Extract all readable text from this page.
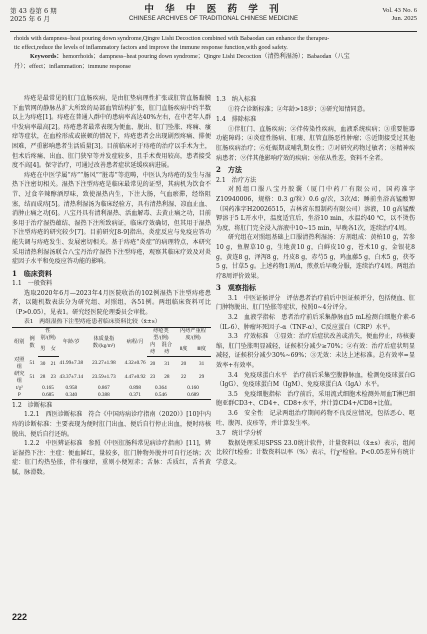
第 43 卷第 6 期
2025 年 6 月
中 华 中 医 药 学 刊
CHINESE ARCHIVES OF TRADITIONAL CHINESE MEDICINE
Vol. 43 No. 6
Jun. 2025

rhoids with dampness–heat pouring down syndrome,Qingre Lishi Decoction combined with Babaodan can enhance the therapeu-

tic effect,reduce the levels of inflammatory factors and improve the immune response function,with good safety.

Keywords：hemorrhoids；dampness–heat pouring down syndrome；Qingre Lishi Decoction（清热利湿汤）；Babaodan（八宝

丹）；effect；inflammation；immune response

痔疮是最常见的肛门直肠疾病，是由肛垫病理性扩张或肛管直肠黏膜下血管网的静脉丛扩大所致的局部血管结构扩张，肛门直肠疾病中约半数以上为痔疮[1]。痔疮在普通人群中的患病率高达40%左右，在中老年人群中发病率最高[2]。痔疮患者最常表现为便血、脱出、肛门坠胀、疼痛、瘙痒等症状，在血栓形成或嵌顿的情况下，痔疮患者会出现剧烈疼痛、排便困难，严重影响患者生活质量[3]。目前临床对于痔疮的治疗以手术为主，但术后疼痛、出血、肛门狭窄等并发症较多，且手术费用较高，患者接受度不高[4]。保守治疗，可通过改善患者症状延缓疾病进展。

痔疮在中医学属“痔”“肠风”“脏毒”等范畴，中医认为痔疮的发生与湿热下注密切相关。湿热下注型痔疮是临床最常见的证型，其病机为饮食不节、过食辛辣醇酒厚味，致使湿热内生，下注大肠，气血瘀滞，经络阻塞，结而成痔[5]。清热利湿汤为临床经验方，具有清热利湿、凉血止血、消肿止痛之功[6]。八宝丹具有清利湿热、活血解毒、去黄止痛之功，目前多用于治疗湿热蕴结、湿热下注所致病证，临床疗效确切，但其用于湿热下注型痔疮的研究较少[7]。目前研究[8-9]指出，炎症反应与免疫应答功能失调与痔疮发生、发展密切相关。基于痔疮“炎症”的病理特点，本研究采用清热利湿汤联合八宝丹治疗湿热下注型痔疮，观察其临床疗效及对炎症因子水平和免疫应答功能的影响。

1　临床资料

1.1　一般资料

选取2020年6月—2023年4月医院收治的102例湿热下注型痔疮患者，以随机数表法分为研究组、对照组，各51例。两组临床资料可比（P>0.05），见表1。研究经医院伦理委员会审批。

表1　两组湿热下注型痔疮患者临床资料比较（x̄±s）

组别	例数	性别/(例)		年龄/岁	体质量指数/(kg/m²)	病程/月	痔疮类型/(例)		内痔严重程度/(例)	
		男	女				内痔	混合痔	Ⅱ度	Ⅲ度
对照组	51	30	21	41.99±7.38	23.27±1.98	4.32±0.76	20	31	20	31
研究组	51	28	23	43.37±7.14	23.59±1.73	4.47±0.92	23	28	22	29
t/χ²		0.165		0.958	0.867	0.898	0.364		0.160	
P		0.685		0.340	0.388	0.371	0.546		0.689	

1.2　诊断标准

1.2.1　西医诊断标准　符合《中国痔病诊疗指南（2020）》[10]中内痔的诊断标准：主要表现为便时肛门出血、便后自行停止出血，便时痔核脱出、便后自行还纳。

1.2.2　中医辨证标准　参照《中医肛肠科常见病诊疗指南》[11]，辨证湿热下注：主症：便血鲜红，量较多，肛门肿物外脱并可自行还纳；次症：肛门灼热坠胀，伴有瘙痒，重则小便短赤；舌脉：舌质红，舌苔黄腻，脉滑数。

1.3　纳入标准

①符合诊断标准；②年龄>18岁；③研究知情同意。

1.4　排除标准

①伴肛门、直肠疾病；②伴传染性疾病，血液系统疾病；③重要脏器功能障碍；④炎症性肠病、肛瘘、肛管直肠恶性肿瘤；⑤近期接受过其他肛肠疾病治疗；⑥妊娠期或哺乳期女性；⑦对研究药物过敏者；⑧精神疾病患者；⑨伴其他影响疗效的疾病；⑩依从性差，资料不全者。

2　方法

2.1　治疗方法

对照组口服八宝丹胶囊（厦门中药厂有限公司，国药准字Z10940006，规格：0.3 g/粒）0.6 g/次，3次/d；睡前坐浴高锰酸钾（国药准字H20026515，吉林省东盟制药有限公司）溶液，10 g高锰酸钾溶于5 L开水中，温度适宜后，坐浴10 min，水温约40 ℃，以不烫伤为度，将肛门完全浸入溶液中10~15 min，早晚各1次，连续治疗4周。

研究组在对照组基础上口服清热利湿汤：方剂组成：黄柏10 g，苦参10 g，鱼腥草10 g，生地黄10 g，白鲜皮10 g，苍术10 g，金银花8 g，黄连8 g，泽泻8 g，丹皮8 g，赤芍5 g，鸡血藤5 g，白术5 g，茯苓5 g，甘草5 g。上述药物1剂/d，煎煮后早晚分服，连续治疗4周。两组治疗8周评价效果。

3　观察指标

3.1　中医证候评分　评估患者治疗前后中医证候评分，包括便血、肛门肿物脱出、肛门坠胀等症状，按照0~4分评分。

3.2　血液学指标　患者治疗前后采集静脉血5 mL检测白细胞介素-6（IL-6）、肿瘤坏死因子-α（TNF-α）、C反应蛋白（CRP）水平。

3.3　疗效标准　①显效：治疗后症状改善或消失，便血停止，痔核萎缩，肛门坠胀明显减轻，证候积分减少≥70%；②有效：治疗后症状明显减轻，证候积分减少30%~69%；③无效：未达上述标准。总有效率=显效率+有效率。

3.4　免疫球蛋白水平　治疗前后采集空腹静脉血，检测免疫球蛋白G（IgG）、免疫球蛋白M（IgM）、免疫球蛋白A（IgA）水平。

3.5　免疫细胞指标　治疗前后，采用流式细胞术检测外周血T淋巴细胞亚群CD3+、CD4+、CD8+水平，并计算CD4+/CD8+比值。

3.6　安全性　记录两组治疗期间药物不良反应情况，包括恶心、呕吐、腹泻、皮疹等，并计算发生率。

3.7　统计学分析

数据处理采用SPSS 23.0统计软件，计量资料以（x̄±s）表示，组间比较行t检验；计数资料以率（%）表示，行χ²检验。P<0.05差异有统计学意义。

222
